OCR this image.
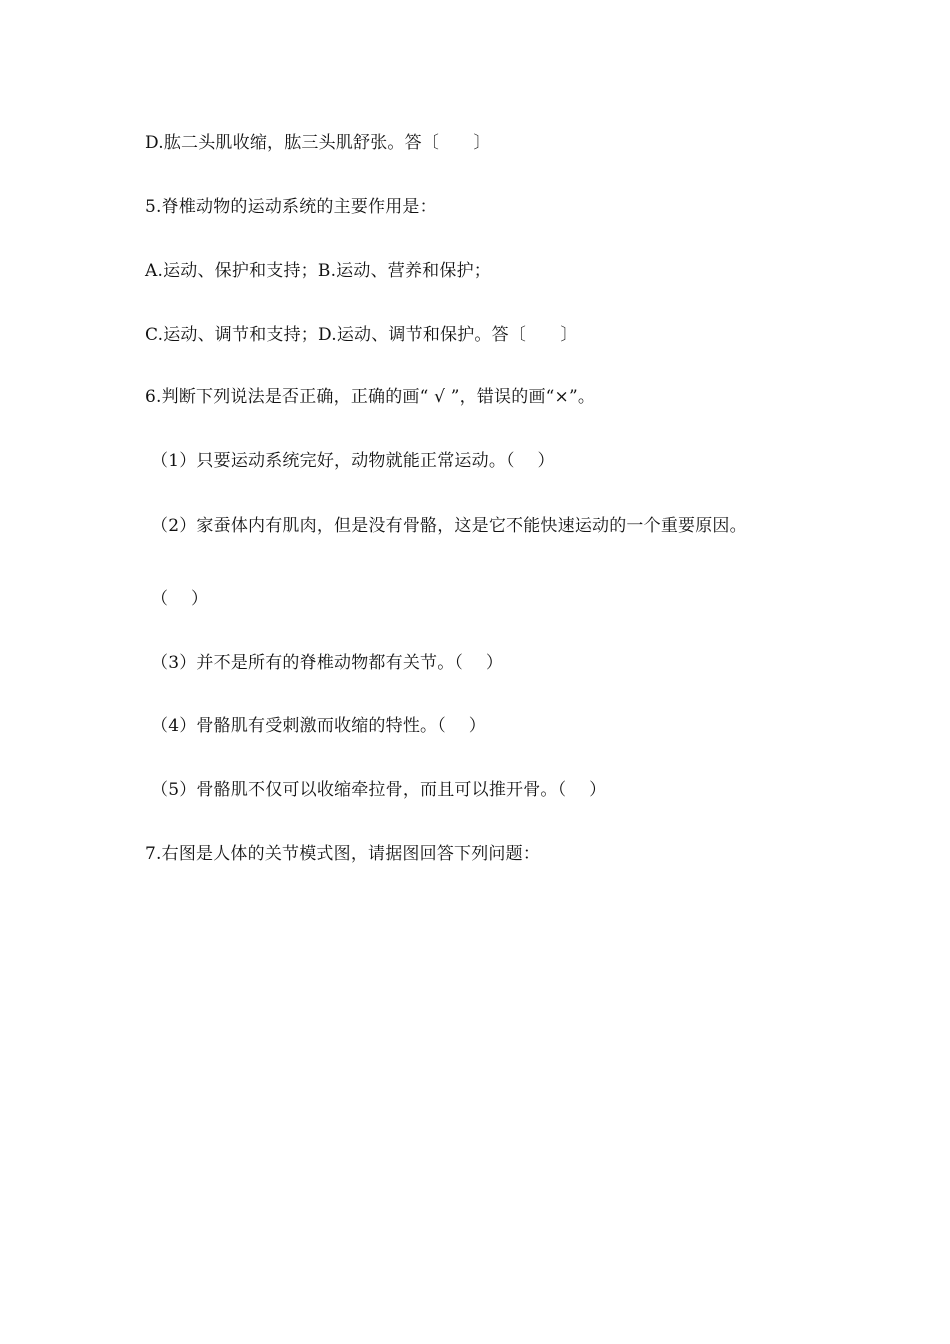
D.肱二头肌收缩，肱三头肌舒张。答〔　　〕
5.脊椎动物的运动系统的主要作用是：
A.运动、保护和支持；B.运动、营养和保护；
C.运动、调节和支持；D.运动、调节和保护。答〔　　〕
6.判断下列说法是否正确，正确的画“ √ ”，错误的画“×”。
（1）只要运动系统完好，动物就能正常运动。（　 ）
（2）家蚕体内有肌肉，但是没有骨骼，这是它不能快速运动的一个重要原因。
（　 ）
（3）并不是所有的脊椎动物都有关节。（　 ）
（4）骨骼肌有受刺激而收缩的特性。（　 ）
（5）骨骼肌不仅可以收缩牵拉骨，而且可以推开骨。（　 ）
7.右图是人体的关节模式图，请据图回答下列问题：
